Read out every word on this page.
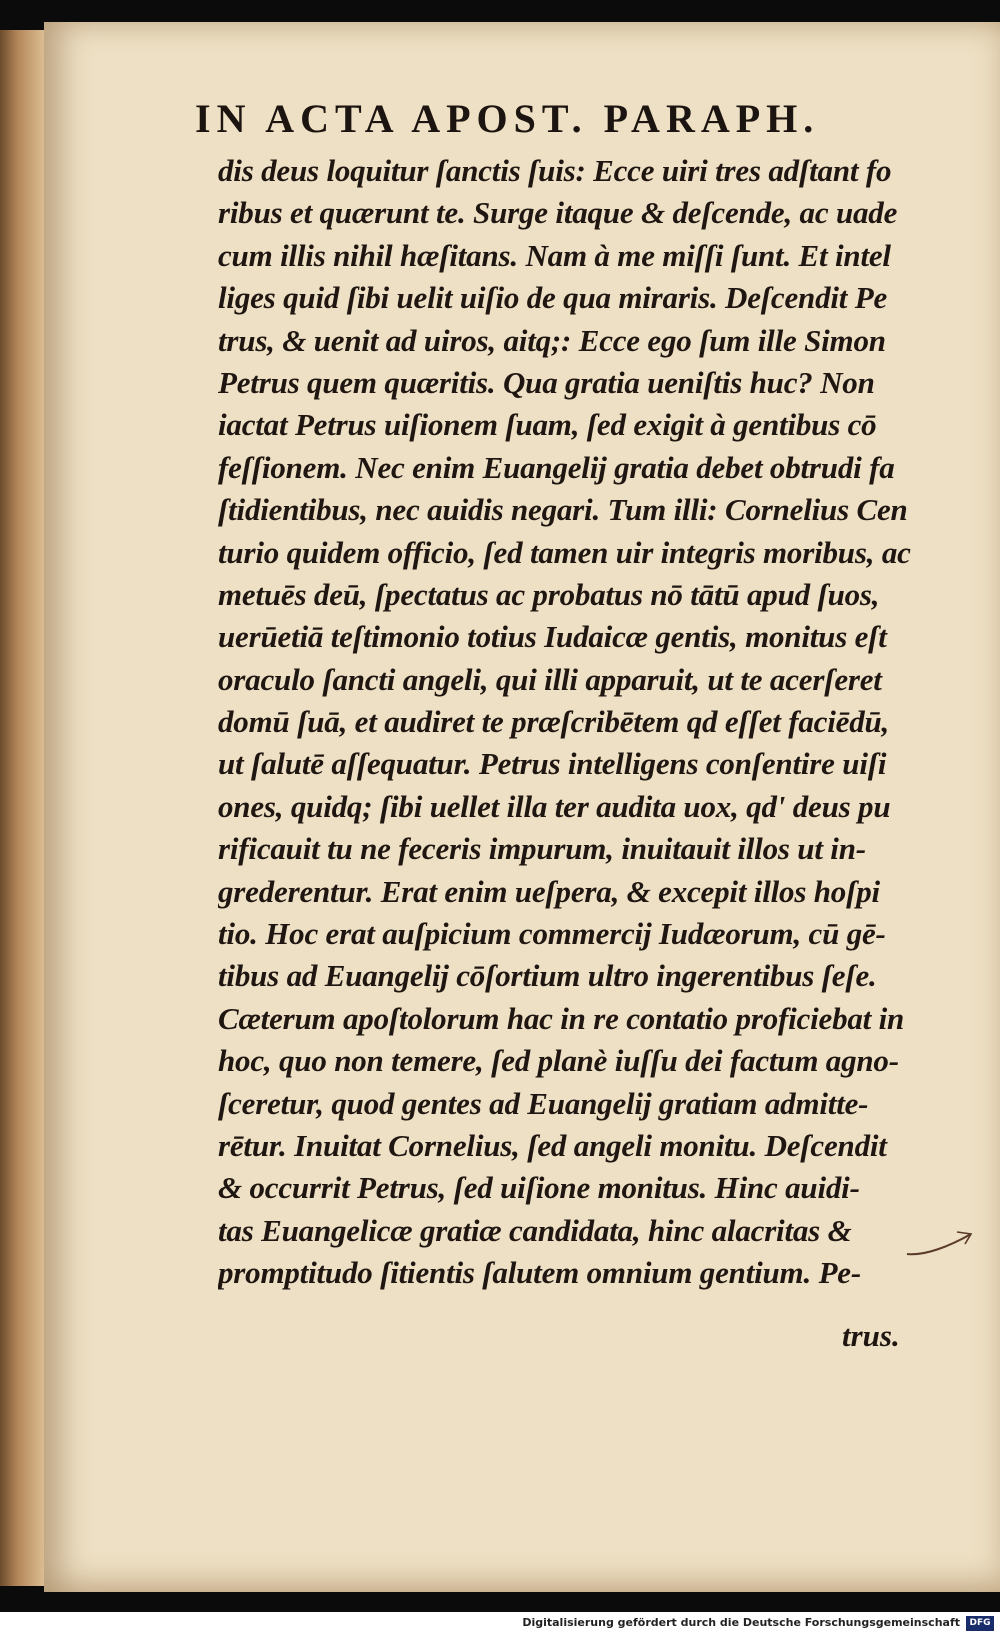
IN ACTA APOST. PARAPH.
dis deus loquitur ſanctis ſuis: Ecce uiri tres adſtant fo
ribus et quærunt te. Surge itaque & deſcende, ac uade
cum illis nihil hæſitans. Nam à me miſſi ſunt. Et intel
liges quid ſibi uelit uiſio de qua miraris. Deſcendit Pe
trus, & uenit ad uiros, aitq;: Ecce ego ſum ille Simon
Petrus quem quæritis. Qua gratia ueniſtis huc? Non
iactat Petrus uiſionem ſuam, ſed exigit à gentibus cō
feſſionem. Nec enim Euangelij gratia debet obtrudi fa
ſtidientibus, nec auidis negari. Tum illi: Cornelius Cen
turio quidem officio, ſed tamen uir integris moribus, ac
metuēs deū, ſpectatus ac probatus nō tātū apud ſuos,
uerūetiā teſtimonio totius Iudaicæ gentis, monitus eſt
oraculo ſancti angeli, qui illi apparuit, ut te acerſeret
domū ſuā, et audiret te præſcribētem qd eſſet faciēdū,
ut ſalutē aſſequatur. Petrus intelligens conſentire uiſi
ones, quidq; ſibi uellet illa ter audita uox, qd' deus pu
rificauit tu ne feceris impurum, inuitauit illos ut in-
grederentur. Erat enim ueſpera, & excepit illos hoſpi
tio. Hoc erat auſpicium commercij Iudæorum, cū gē-
tibus ad Euangelij cōſortium ultro ingerentibus ſeſe.
Cæterum apoſtolorum hac in re contatio proficiebat in
hoc, quo non temere, ſed planè iuſſu dei factum agno-
ſceretur, quod gentes ad Euangelij gratiam admitte-
rētur. Inuitat Cornelius, ſed angeli monitu. Deſcendit
& occurrit Petrus, ſed uiſione monitus. Hinc auidi-
tas Euangelicæ gratiæ candidata, hinc alacritas &
promptitudo ſitientis ſalutem omnium gentium. Pe-
trus.
Digitalisierung gefördert durch die Deutsche Forschungsgemeinschaft	DFG
